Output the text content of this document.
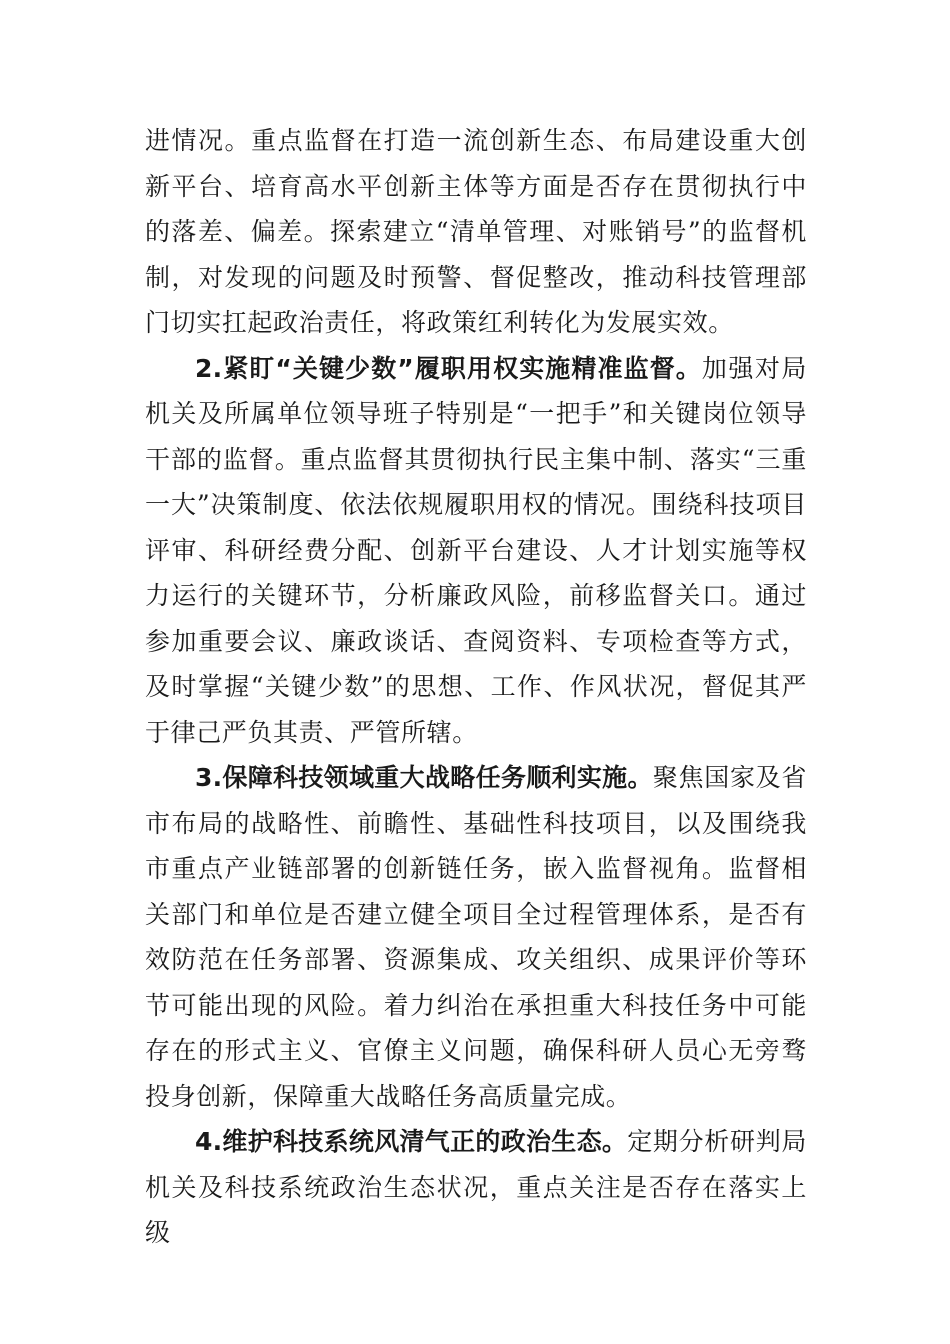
进情况。重点监督在打造一流创新生态、布局建设重大创新平台、培育高水平创新主体等方面是否存在贯彻执行中的落差、偏差。探索建立“清单管理、对账销号”的监督机制，对发现的问题及时预警、督促整改，推动科技管理部门切实扛起政治责任，将政策红利转化为发展实效。

2.紧盯“关键少数”履职用权实施精准监督。加强对局机关及所属单位领导班子特别是“一把手”和关键岗位领导干部的监督。重点监督其贯彻执行民主集中制、落实“三重一大”决策制度、依法依规履职用权的情况。围绕科技项目评审、科研经费分配、创新平台建设、人才计划实施等权力运行的关键环节，分析廉政风险，前移监督关口。通过参加重要会议、廉政谈话、查阅资料、专项检查等方式，及时掌握“关键少数”的思想、工作、作风状况，督促其严于律己严负其责、严管所辖。

3.保障科技领域重大战略任务顺利实施。聚焦国家及省市布局的战略性、前瞻性、基础性科技项目，以及围绕我市重点产业链部署的创新链任务，嵌入监督视角。监督相关部门和单位是否建立健全项目全过程管理体系，是否有效防范在任务部署、资源集成、攻关组织、成果评价等环节可能出现的风险。着力纠治在承担重大科技任务中可能存在的形式主义、官僚主义问题，确保科研人员心无旁骛投身创新，保障重大战略任务高质量完成。

4.维护科技系统风清气正的政治生态。定期分析研判局机关及科技系统政治生态状况，重点关注是否存在落实上级
